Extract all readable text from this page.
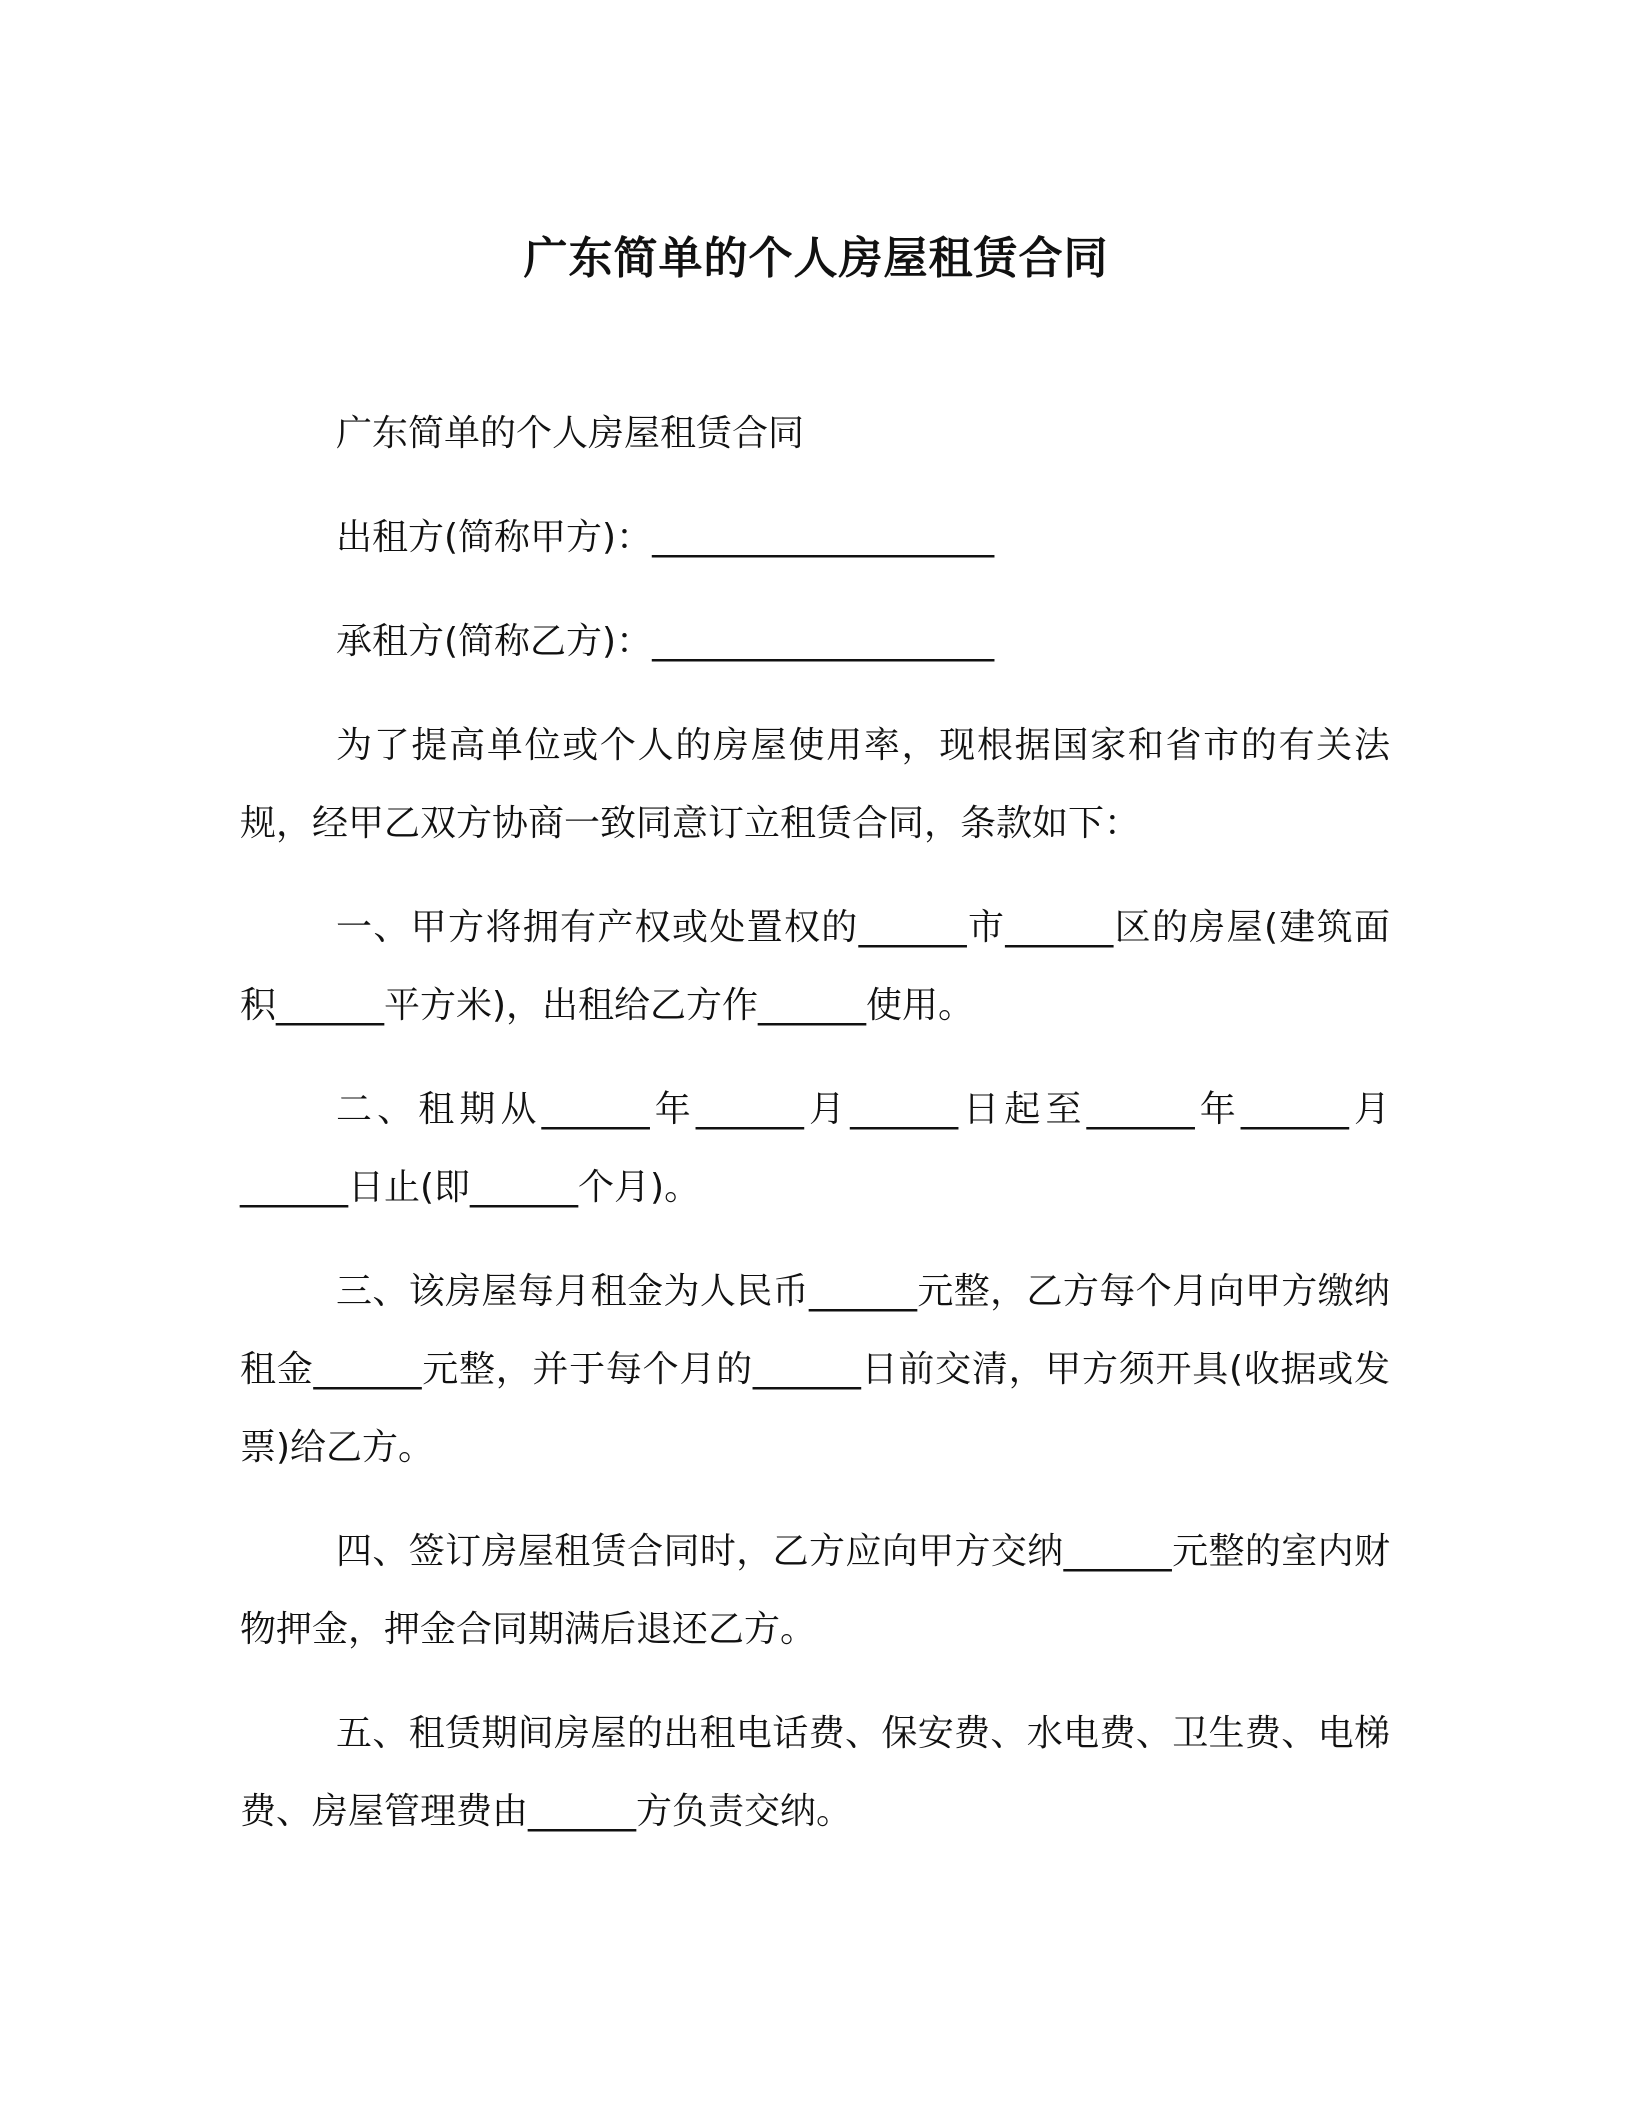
广东简单的个人房屋租赁合同

广东简单的个人房屋租赁合同

出租方(简称甲方)：___________________

承租方(简称乙方)：___________________

为了提高单位或个人的房屋使用率，现根据国家和省市的有关法规，经甲乙双方协商一致同意订立租赁合同，条款如下：

一、甲方将拥有产权或处置权的______市______区的房屋(建筑面积______平方米)，出租给乙方作______使用。

二、租期从______年______月______日起至______年______月______日止(即______个月)。

三、该房屋每月租金为人民币______元整，乙方每个月向甲方缴纳租金______元整，并于每个月的______日前交清，甲方须开具(收据或发票)给乙方。

四、签订房屋租赁合同时，乙方应向甲方交纳______元整的室内财物押金，押金合同期满后退还乙方。

五、租赁期间房屋的出租电话费、保安费、水电费、卫生费、电梯费、房屋管理费由______方负责交纳。
